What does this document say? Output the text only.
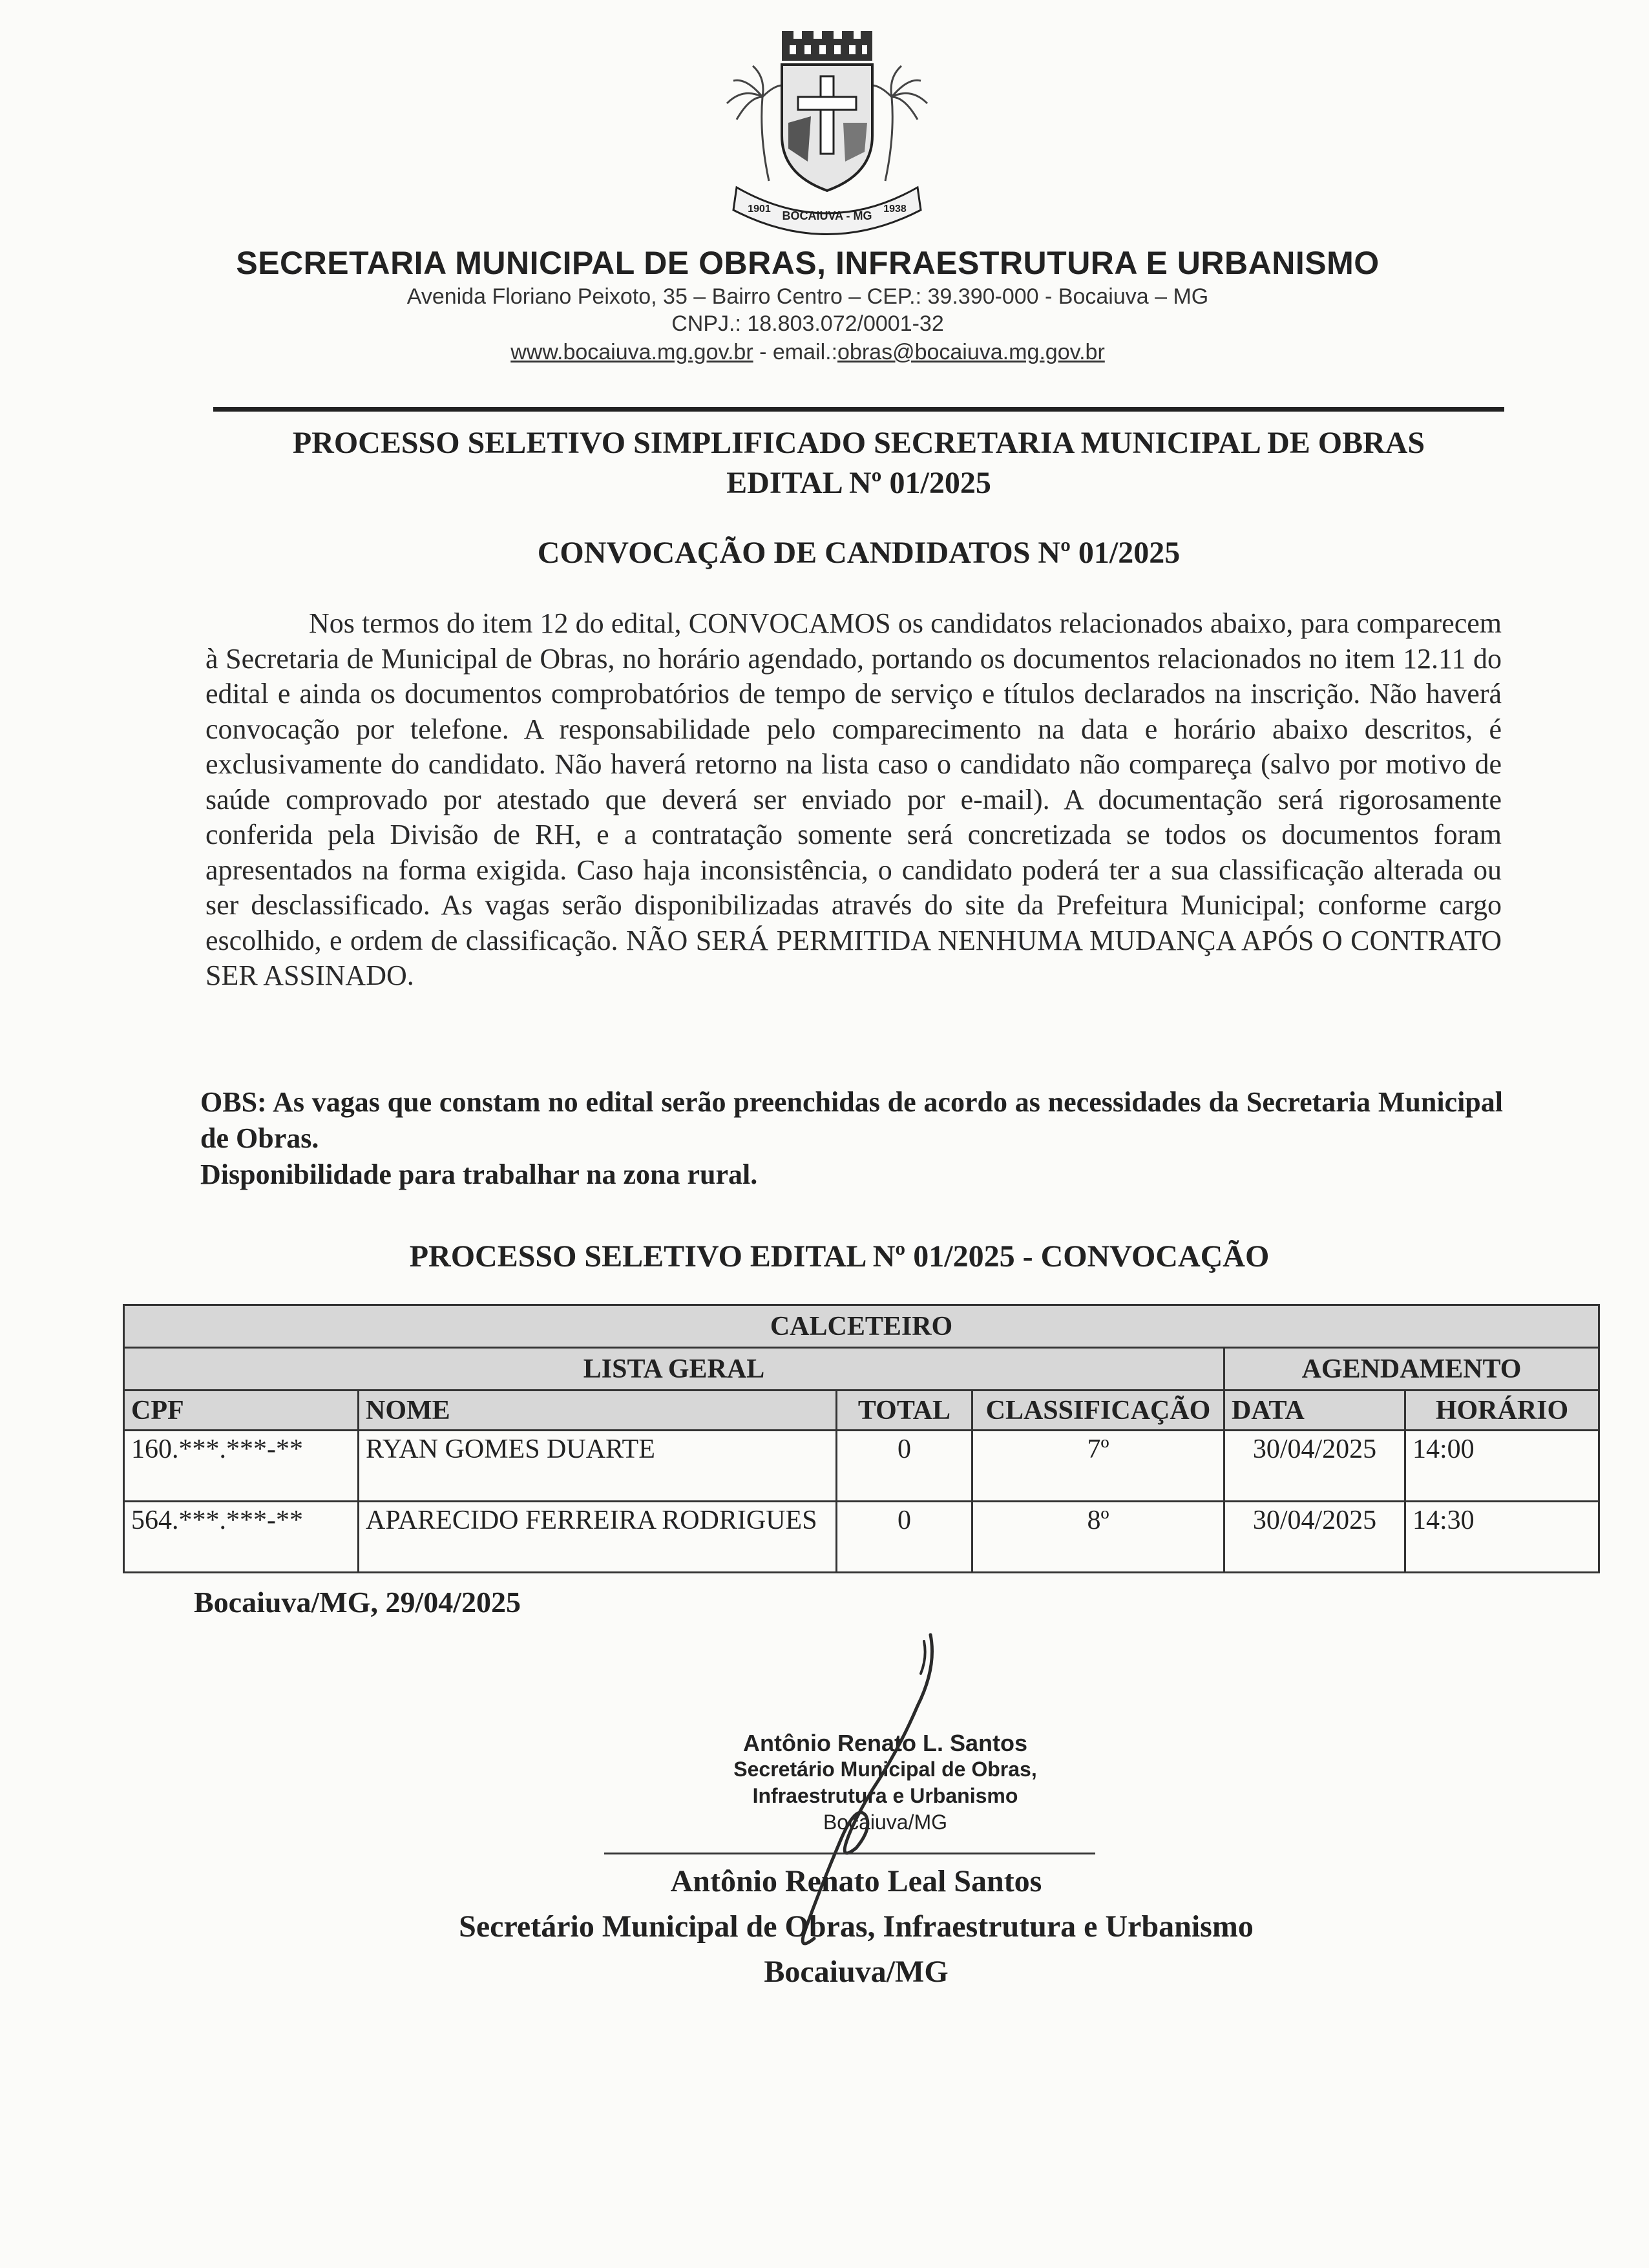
BOCAIUVA - MG
1901	1938
SECRETARIA MUNICIPAL DE OBRAS, INFRAESTRUTURA E URBANISMO
Avenida Floriano Peixoto, 35 – Bairro Centro – CEP.: 39.390-000 - Bocaiuva – MG
CNPJ.: 18.803.072/0001-32
www.bocaiuva.mg.gov.br - email.:obras@bocaiuva.mg.gov.br
PROCESSO SELETIVO SIMPLIFICADO SECRETARIA MUNICIPAL DE OBRAS
EDITAL Nº 01/2025
CONVOCAÇÃO DE CANDIDATOS Nº 01/2025
Nos termos do item 12 do edital, CONVOCAMOS os candidatos relacionados abaixo, para comparecem à Secretaria de Municipal de Obras, no horário agendado, portando os documentos relacionados no item 12.11 do edital e ainda os documentos comprobatórios de tempo de serviço e títulos declarados na inscrição. Não haverá convocação por telefone. A responsabilidade pelo comparecimento na data e horário abaixo descritos, é exclusivamente do candidato. Não haverá retorno na lista caso o candidato não compareça (salvo por motivo de saúde comprovado por atestado que deverá ser enviado por e-mail). A documentação será rigorosamente conferida pela Divisão de RH, e a contratação somente será concretizada se todos os documentos foram apresentados na forma exigida. Caso haja inconsistência, o candidato poderá ter a sua classificação alterada ou ser desclassificado. As vagas serão disponibilizadas através do site da Prefeitura Municipal; conforme cargo escolhido, e ordem de classificação. NÃO SERÁ PERMITIDA NENHUMA MUDANÇA APÓS O CONTRATO SER ASSINADO.
OBS: As vagas que constam no edital serão preenchidas de acordo as necessidades da Secretaria Municipal de Obras.
Disponibilidade para trabalhar na zona rural.
PROCESSO SELETIVO EDITAL Nº 01/2025 - CONVOCAÇÃO
CALCETEIRO					
LISTA GERAL				AGENDAMENTO	
CPF	NOME	TOTAL	CLASSIFICAÇÃO	DATA	HORÁRIO
160.***.***-**	RYAN GOMES DUARTE	0	7º	30/04/2025	14:00
564.***.***-**	APARECIDO FERREIRA RODRIGUES	0	8º	30/04/2025	14:30
Bocaiuva/MG, 29/04/2025
Antônio Renato L. Santos
Secretário Municipal de Obras,
Infraestrutura e Urbanismo
Bocaiuva/MG
Antônio Renato Leal Santos
Secretário Municipal de Obras, Infraestrutura e Urbanismo
Bocaiuva/MG
